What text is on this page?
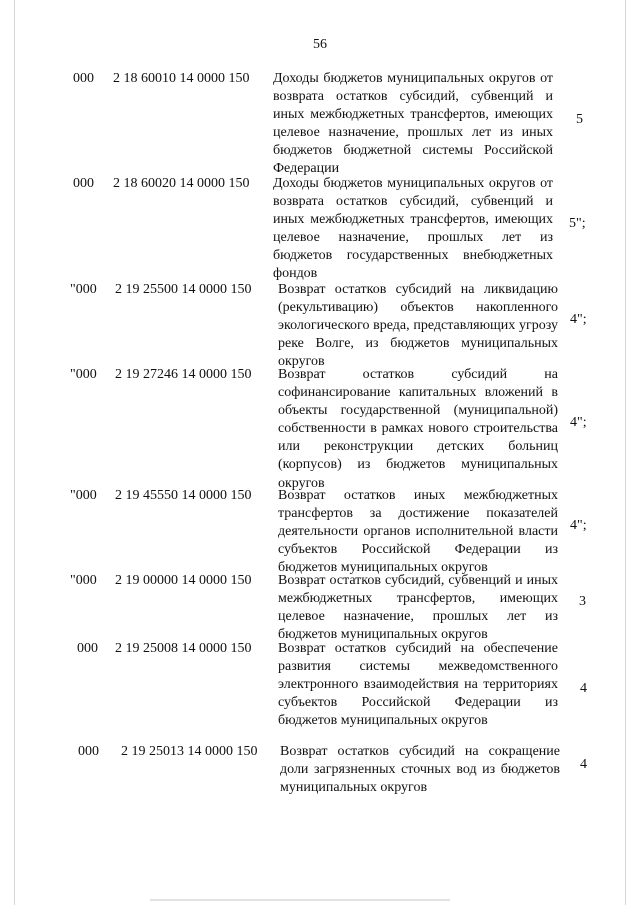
56
000 2 18 60010 14 0000 150 Доходы бюджетов муниципальных округов от возврата остатков субсидий, субвенций и иных межбюджетных трансфертов, имеющих целевое назначение, прошлых лет из иных бюджетов бюджетной системы Российской Федерации
5
000 2 18 60020 14 0000 150 Доходы бюджетов муниципальных округов от возврата остатков субсидий, субвенций и иных межбюджетных трансфертов, имеющих целевое назначение, прошлых лет из бюджетов государственных внебюджетных фондов
5";
"000 2 19 25500 14 0000 150 Возврат остатков субсидий на ликвидацию (рекультивацию) объектов накопленного экологического вреда, представляющих угрозу реке Волге, из бюджетов муниципальных округов
4";
"000 2 19 27246 14 0000 150 Возврат остатков субсидий на софинансирование капитальных вложений в объекты государственной (муниципальной) собственности в рамках нового строительства или реконструкции детских больниц (корпусов) из бюджетов муниципальных округов
4";
"000 2 19 45550 14 0000 150 Возврат остатков иных межбюджетных трансфертов за достижение показателей деятельности органов исполнительной власти субъектов Российской Федерации из бюджетов муниципальных округов
4";
"000 2 19 00000 14 0000 150 Возврат остатков субсидий, субвенций и иных межбюджетных трансфертов, имеющих целевое назначение, прошлых лет из бюджетов муниципальных округов
3
000 2 19 25008 14 0000 150 Возврат остатков субсидий на обеспечение развития системы межведомственного электронного взаимодействия на территориях субъектов Российской Федерации из бюджетов муниципальных округов
4
000 2 19 25013 14 0000 150 Возврат остатков субсидий на сокращение доли загрязненных сточных вод из бюджетов муниципальных округов
4
